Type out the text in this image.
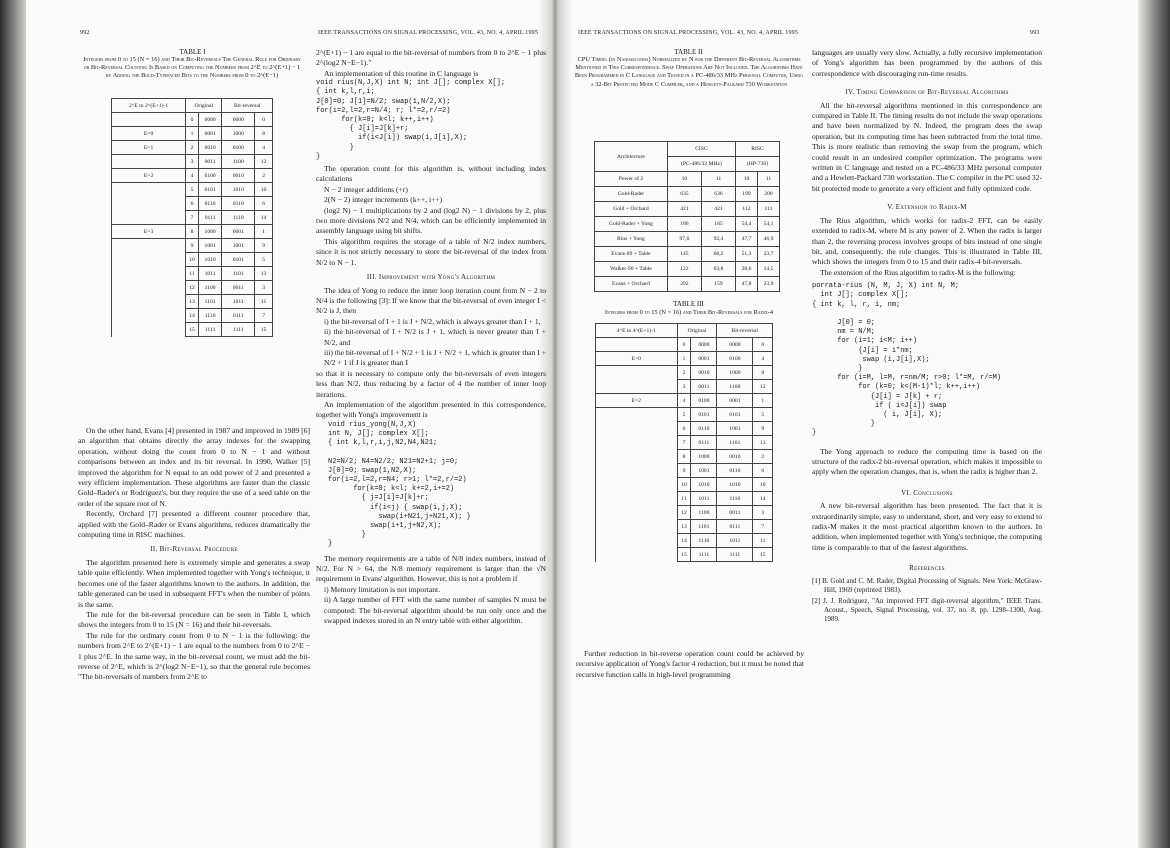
992	IEEE TRANSACTIONS ON SIGNAL PROCESSING, VOL. 43, NO. 4, APRIL 1995
TABLE I
Integers from 0 to 15 (N = 16) and Their Bit-Reversals The General Rule for Ordinary or Bit-Reversal Counting Is Based on Computing the Numbers from 2^E to 2^(E+1) − 1 by Adding the Bold-Typefaced Bits to the Numbers from 0 to 2^(E−1)
2^E to 2^(E+1)-1	Original		Bit-reversal	
	0	0000	0000	0
E=0	1	0001	1000	8
E=1	2	0010	0100	4
	3	0011	1100	12
E=2	4	0100	0010	2
	5	0101	1010	10
	6	0110	0110	6
	7	0111	1110	14
E=3	8	1000	0001	1
	9	1001	1001	9
	10	1010	0101	5
	11	1011	1101	13
	12	1100	0011	3
	13	1101	1011	11
	14	1110	0111	7
	15	1111	1111	15

On the other hand, Evans [4] presented in 1987 and improved in 1989 [6] an algorithm that obtains directly the array indexes for the swapping operation, without doing the count from 0 to N − 1 and without comparisons between an index and its bit reversal. In 1990, Walker [5] improved the algorithm for N equal to an odd power of 2 and presented a very efficient implementation. These algorithms are faster than the classic Gold–Rader's or Rodriguez's, but they require the use of a seed table on the order of the square root of N.

Recently, Orchard [7] presented a different counter procedure that, applied with the Gold–Rader or Evans algorithms, reduces dramatically the computing time in RISC machines.

II. Bit-Reversal Procedure

The algorithm presented here is extremely simple and generates a swap table quite efficiently. When implemented together with Yong's technique, it becomes one of the faster algorithms known to the authors. In addition, the table generated can be used in subsequent FFT's when the number of points is the same.

The rule for the bit-reversal procedure can be seen in Table I, which shows the integers from 0 to 15 (N = 16) and their bit-reversals.

The rule for the ordinary count from 0 to N − 1 is the following: the numbers from 2^E to 2^(E+1) − 1 are equal to the numbers from 0 to 2^E − 1 plus 2^E. In the same way, in the bit-reversal count, we must add the bit-reverse of 2^E, which is 2^(log2 N−E−1), so that the general rule becomes "The bit-reversals of numbers from 2^E to

2^(E+1) − 1 are equal to the bit-reversal of numbers from 0 to 2^E − 1 plus 2^(log2 N−E−1)."

An implementation of this routine in C language is

void rius(N,J,X) int N; int J[]; complex X[];
{ int k,l,r,i;
J[0]=0; J[1]=N/2; swap(1,N/2,X);
for(i=2,l=2,r=N/4; r; l*=2,r/=2)
for(k=0; k<l; k++,i++)
{ J[i]=J[k]+r;
if(i<J[i]) swap(i,J[i],X);
}
}

The operation count for this algorithm is, without including index calculations

N − 2 integer additions (+r)

2(N − 2) integer increments (k++, i++)

(log2 N) − 1 multiplications by 2 and (log2 N) − 1 divisions by 2, plus two more divisions N/2 and N/4, which can be efficiently implemented in assembly language using bit shifts.

This algorithm requires the storage of a table of N/2 index numbers, since it is not strictly necessary to store the bit-reversal of the index from N/2 to N − 1.

III. Improvement with Yong's Algorithm

The idea of Yong to reduce the inner loop iteration count from N − 2 to N/4 is the following [3]: If we know that the bit-reversal of even integer I < N/2 is J, then

i) the bit-reversal of I + 1 is J + N/2, which is always greater than I + 1,

ii) the bit-reversal of I + N/2 is J + 1, which is never greater than I + N/2, and

iii) the bit-reversal of I + N/2 + 1 is J + N/2 + 1, which is greater than I + N/2 + 1 if J is greater than I

so that it is necessary to compute only the bit-reversals of even integers less than N/2, thus reducing by a factor of 4 the number of inner loop iterations.

An implementation of the algorithm presented in this correspondence, together with Yong's improvement is

void rius_yong(N,J,X)
int N, J[]; complex X[];
{ int k,l,r,i,j,N2,N4,N21;

N2=N/2; N4=N2/2; N21=N2+1; j=0;
J[0]=0; swap(1,N2,X);
for(i=2,l=2,r=N4; r>1; l*=2,r/=2)
for(k=0; k<l; k+=2,i+=2)
{ j=J[i]=J[k]+r;
if(i<j) { swap(i,j,X);
swap(i+N21,j+N21,X); }
swap(i+1,j+N2,X);
}
}

The memory requirements are a table of N/8 index numbers, instead of N/2. For N > 64, the N/8 memory requirement is larger than the √N requirement in Evans' algorithm. However, this is not a problem if

i) Memory limitation is not important.

ii) A large number of FFT with the same number of samples N must be computed: The bit-reversal algorithm should be run only once and the swapped indexes stored in an N entry table with either algorithm.

IEEE TRANSACTIONS ON SIGNAL PROCESSING, VOL. 43, NO. 4, APRIL 1995	993
TABLE II
CPU Timing (in Nanoseconds) Normalized by N for the Different Bit-Reversal Algorithms Mentioned in This Correspondence. Swap Operations Are Not Included. The Algorithms Have Been Programmed in C Language and Tested in a PC-486/33 MHz Personal Computer, Using a 32-Bit Protected Mode C Compiler, and a Hewlett-Packard 730 Workstation
Architecture	CISC		RISC	
	(PC-486/33 MHz)		(HP-730)	
Power of 2	10	11	10	11
Gold-Rader	635	636	199	200
Gold + Orchard	421	421	112	111
Gold-Rader + Yong	186	185	54,4	54,1
Rius + Yong	97,6	92,4	47,7	46,9
Evans-89 + Table	145	68,2	51,3	23,7
Walker-90 + Table	122	63,8	28,6	14,5
Evans + Orchard	292	159	47,8	23,9
TABLE III
Integers from 0 to 15 (N = 16) and Their Bit-Reversals for Radix-4
4^E to 4^(E+1)-1	Original		Bit-reversal	
	0	0000	0000	0
E=0	1	0001	0100	4
	2	0010	1000	8
	3	0011	1100	12
E=2	4	0100	0001	1
	5	0101	0101	5
	6	0110	1001	9
	7	0111	1101	13
	8	1000	0010	2
	9	1001	0110	6
	10	1010	1010	10
	11	1011	1110	14
	12	1100	0011	3
	13	1101	0111	7
	14	1110	1011	11
	15	1111	1111	15

Further reduction in bit-reverse operation count could be achieved by recursive application of Yong's factor 4 reduction, but it must be noted that recursive function calls in high-level programming

languages are usually very slow. Actually, a fully recursive implementation of Yong's algorithm has been programmed by the authors of this correspondence with discouraging run-time results.

IV. Timing Comparison of Bit-Reversal Algorithms

All the bit-reversal algorithms mentioned in this correspondence are compared in Table II. The timing results do not include the swap operations and have been normalized by N. Indeed, the program does the swap operation, but its computing time has been subtracted from the total time. This is more realistic than removing the swap from the program, which could result in an undesired compiler optimization. The programs were written in C language and tested on a PC-486/33 MHz personal computer and a Hewlett-Packard 730 workstation. The C compiler in the PC used 32-bit protected mode to generate a very efficient and fully optimized code.

V. Extension to Radix-M

The Rius algorithm, which works for radix-2 FFT, can be easily extended to radix-M, where M is any power of 2. When the radix is larger than 2, the reversing process involves groups of bits instead of one single bit, and, consequently, the rule changes. This is illustrated in Table III, which shows the integers from 0 to 15 and their radix-4 bit-reversals.

The extension of the Rius algorithm to radix-M is the following:

porrata-rius (N, M, J, X) int N, M;
int J[]; complex X[];
{ int k, l, r, i, nm;

J[0] = 0;
nm = N/M;
for (i=1; i<M; i++)
{J[i] = i*nm;
swap (i,J[i],X);
}
for (i=M, l=M, r=nm/M; r>0; l*=M, r/=M)
for (k=0; k<(M-1)*l; k++,i++)
{J[i] = J[k] + r;
if ( i<J[i]) swap
( i, J[i], X);
}
}

The Yong approach to reduce the computing time is based on the structure of the radix-2 bit-reversal operation, which makes it impossible to apply when the operation changes, that is, when the radix is higher than 2.

VI. Conclusions

A new bit-reversal algorithm has been presented. The fact that it is extraordinarily simple, easy to understand, short, and very easy to extend to radix-M makes it the most practical algorithm known to the authors. In addition, when implemented together with Yong's technique, the computing time is comparable to that of the fastest algorithms.

References
[1] B. Gold and C. M. Rader, Digital Processing of Signals. New York: McGraw-Hill, 1969 (reprinted 1983).
[2] J. J. Rodriguez, "An improved FFT digit-reversal algorithm," IEEE Trans. Acoust., Speech, Signal Processing, vol. 37, no. 8, pp. 1298–1300, Aug. 1989.
